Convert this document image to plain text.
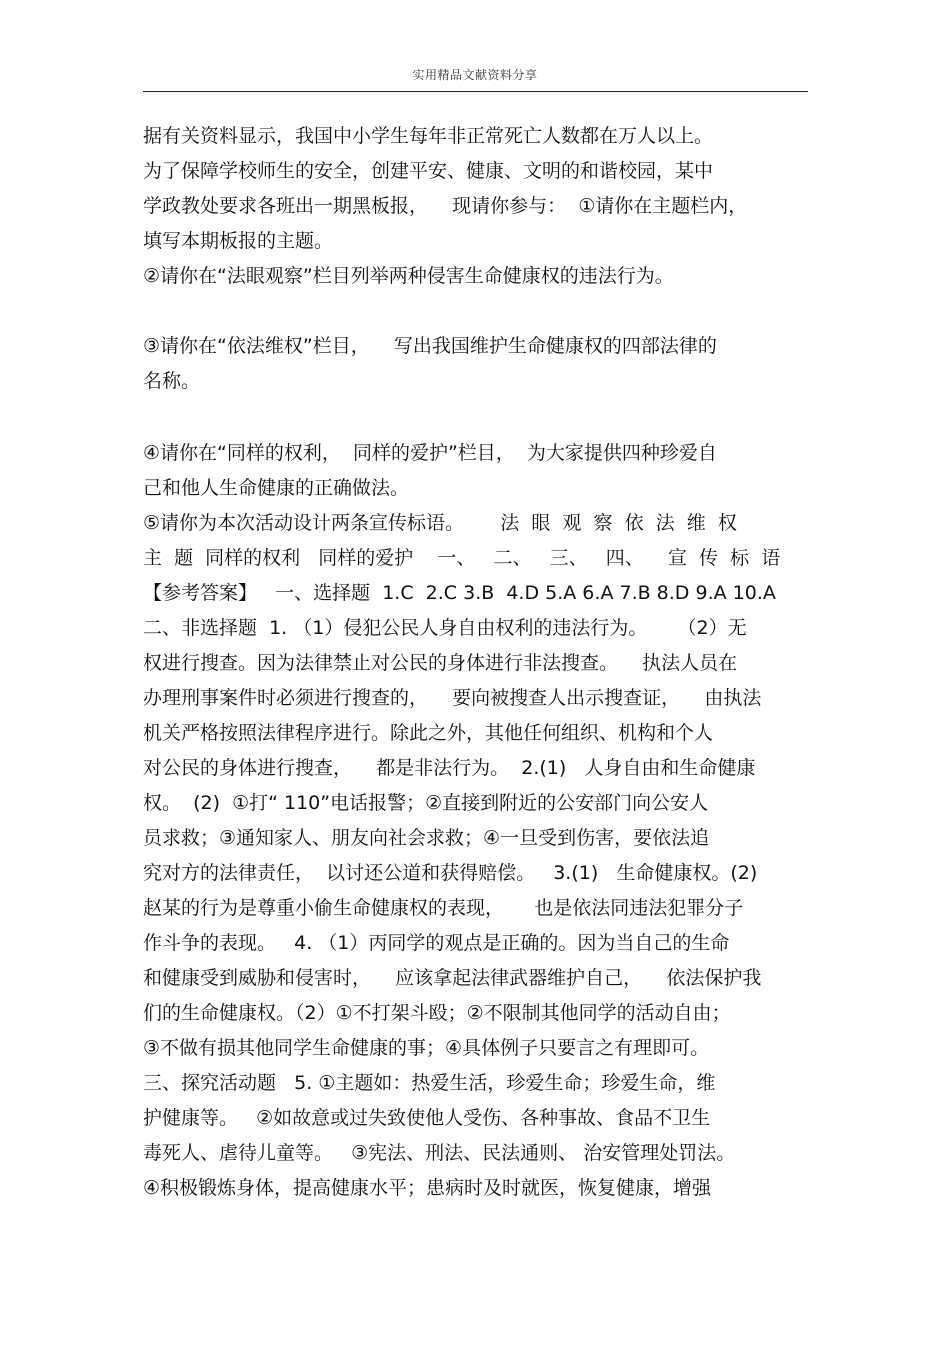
实用精品文献资料分享
据有关资料显示，我国中小学生每年非正常死亡人数都在万人以上。
为了保障学校师生的安全，创建平安、健康、文明的和谐校园，某中
学政教处要求各班出一期黑板报，    现请你参与：  ①请你在主题栏内，
填写本期板报的主题。
②请你在“法眼观察”栏目列举两种侵害生命健康权的违法行为。
③请你在“依法维权”栏目，    写出我国维护生命健康权的四部法律的
名称。
④请你在“同样的权利，  同样的爱护”栏目，  为大家提供四种珍爱自
己和他人生命健康的正确做法。
⑤请你为本次活动设计两条宣传标语。      法  眼  观  察  依  法  维  权
主  题  同样的权利   同样的爱护    一、   二、   三、   四、    宣  传  标  语
【参考答案】   一、选择题  1.C  2.C 3.B  4.D 5.A 6.A 7.B 8.D 9.A 10.A
二、非选择题  1. （1）侵犯公民人身自由权利的违法行为。     （2）无
权进行搜查。因为法律禁止对公民的身体进行非法搜查。    执法人员在
办理刑事案件时必须进行搜查的，    要向被搜查人出示搜查证，    由执法
机关严格按照法律程序进行。除此之外，其他任何组织、机构和个人
对公民的身体进行搜查，    都是非法行为。  2.(1)   人身自由和生命健康
权。  (2)  ①打“ 110”电话报警；②直接到附近的公安部门向公安人
员求救；③通知家人、朋友向社会求救；④一旦受到伤害，要依法追
究对方的法律责任，  以讨还公道和获得赔偿。   3.(1)   生命健康权。(2)
赵某的行为是尊重小偷生命健康权的表现，     也是依法同违法犯罪分子
作斗争的表现。   4. （1）丙同学的观点是正确的。因为当自己的生命
和健康受到威胁和侵害时，    应该拿起法律武器维护自己，    依法保护我
们的生命健康权。（2）①不打架斗殴；②不限制其他同学的活动自由；
③不做有损其他同学生命健康的事；④具体例子只要言之有理即可。
三、探究活动题   5. ①主题如：热爱生活，珍爱生命；珍爱生命，维
护健康等。   ②如故意或过失致使他人受伤、各种事故、食品不卫生
毒死人、虐待儿童等。   ③宪法、刑法、民法通则、 治安管理处罚法。
④积极锻炼身体，提高健康水平；患病时及时就医，恢复健康，增强
